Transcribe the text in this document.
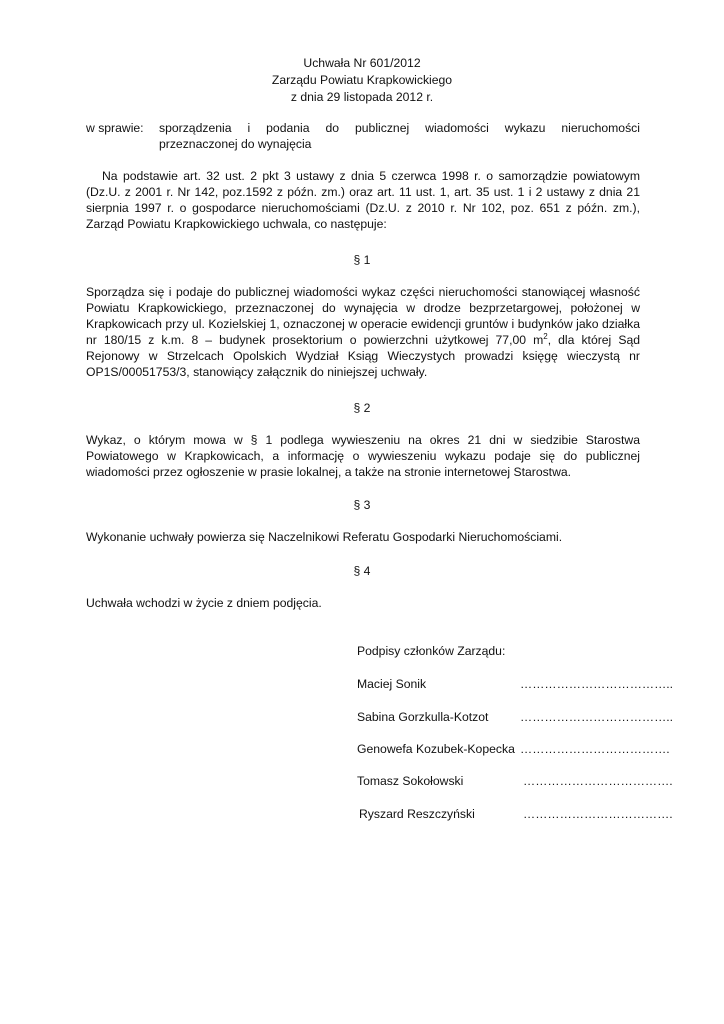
Uchwała Nr 601/2012
Zarządu Powiatu Krapkowickiego
z dnia 29 listopada 2012 r.
w sprawie: sporządzenia i podania do publicznej wiadomości wykazu nieruchomości
przeznaczonej do wynajęcia

Na podstawie art. 32 ust. 2 pkt 3 ustawy z dnia 5 czerwca 1998 r. o samorządzie powiatowym (Dz.U. z 2001 r. Nr 142, poz.1592 z późn. zm.) oraz art. 11 ust. 1, art. 35 ust. 1 i 2 ustawy z dnia 21 sierpnia 1997 r. o gospodarce nieruchomościami (Dz.U. z 2010 r. Nr 102, poz. 651 z późn. zm.), Zarząd Powiatu Krapkowickiego uchwala, co następuje:

§ 1

Sporządza się i podaje do publicznej wiadomości wykaz części nieruchomości stanowiącej własność Powiatu Krapkowickiego, przeznaczonej do wynajęcia w drodze bezprzetargowej, położonej w Krapkowicach przy ul. Kozielskiej 1, oznaczonej w operacie ewidencji gruntów i budynków jako działka nr 180/15 z k.m. 8 – budynek prosektorium o powierzchni użytkowej 77,00 $m^2$, dla której Sąd Rejonowy w Strzelcach Opolskich Wydział Ksiąg Wieczystych prowadzi księgę wieczystą nr OP1S/00051753/3, stanowiący załącznik do niniejszej uchwały.

§ 2

Wykaz, o którym mowa w § 1 podlega wywieszeniu na okres 21 dni w siedzibie Starostwa Powiatowego w Krapkowicach, a informację o wywieszeniu wykazu podaje się do publicznej wiadomości przez ogłoszenie w prasie lokalnej, a także na stronie internetowej Starostwa.

§ 3

Wykonanie uchwały powierza się Naczelnikowi Referatu Gospodarki Nieruchomościami.

§ 4

Uchwała wchodzi w życie z dniem podjęcia.

Podpisy członków Zarządu:
Maciej Sonik	………………………………..
Sabina Gorzkulla-Kotzot	………………………………..
Genowefa Kozubek-Kopecka ……………………………….
Tomasz Sokołowski	……………………………….
Ryszard Reszczyński	……………………………….
